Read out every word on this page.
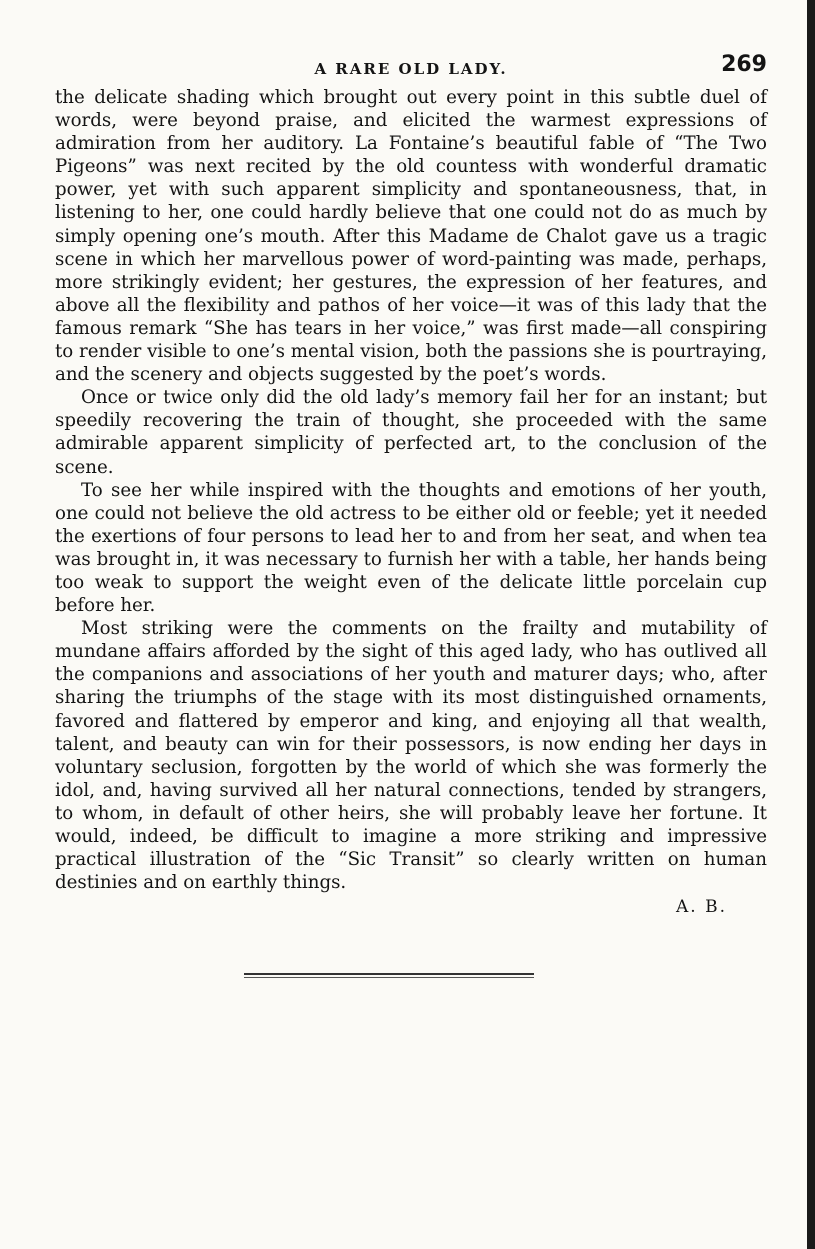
A RARE OLD LADY.	269

the delicate shading which brought out every point in this subtle duel of words, were beyond praise, and elicited the warmest expressions of admiration from her auditory. La Fontaine’s beautiful fable of “The Two Pigeons” was next recited by the old countess with wonderful dramatic power, yet with such apparent simplicity and spontaneousness, that, in listening to her, one could hardly believe that one could not do as much by simply opening one’s mouth. After this Madame de Chalot gave us a tragic scene in which her marvellous power of word-painting was made, perhaps, more strikingly evident; her gestures, the expression of her features, and above all the flexibility and pathos of her voice—it was of this lady that the famous remark “She has tears in her voice,” was first made—all conspiring to render visible to one’s mental vision, both the passions she is pourtraying, and the scenery and objects suggested by the poet’s words.

Once or twice only did the old lady’s memory fail her for an instant; but speedily recovering the train of thought, she proceeded with the same admirable apparent simplicity of perfected art, to the conclusion of the scene.

To see her while inspired with the thoughts and emotions of her youth, one could not believe the old actress to be either old or feeble; yet it needed the exertions of four persons to lead her to and from her seat, and when tea was brought in, it was necessary to furnish her with a table, her hands being too weak to support the weight even of the delicate little porcelain cup before her.

Most striking were the comments on the frailty and mutability of mundane affairs afforded by the sight of this aged lady, who has outlived all the companions and associations of her youth and maturer days; who, after sharing the triumphs of the stage with its most distinguished ornaments, favored and flattered by emperor and king, and enjoying all that wealth, talent, and beauty can win for their possessors, is now ending her days in voluntary seclusion, forgotten by the world of which she was formerly the idol, and, having survived all her natural connections, tended by strangers, to whom, in default of other heirs, she will probably leave her fortune. It would, indeed, be difficult to imagine a more striking and impressive practical illustration of the “Sic Transit” so clearly written on human destinies and on earthly things.

A. B.
